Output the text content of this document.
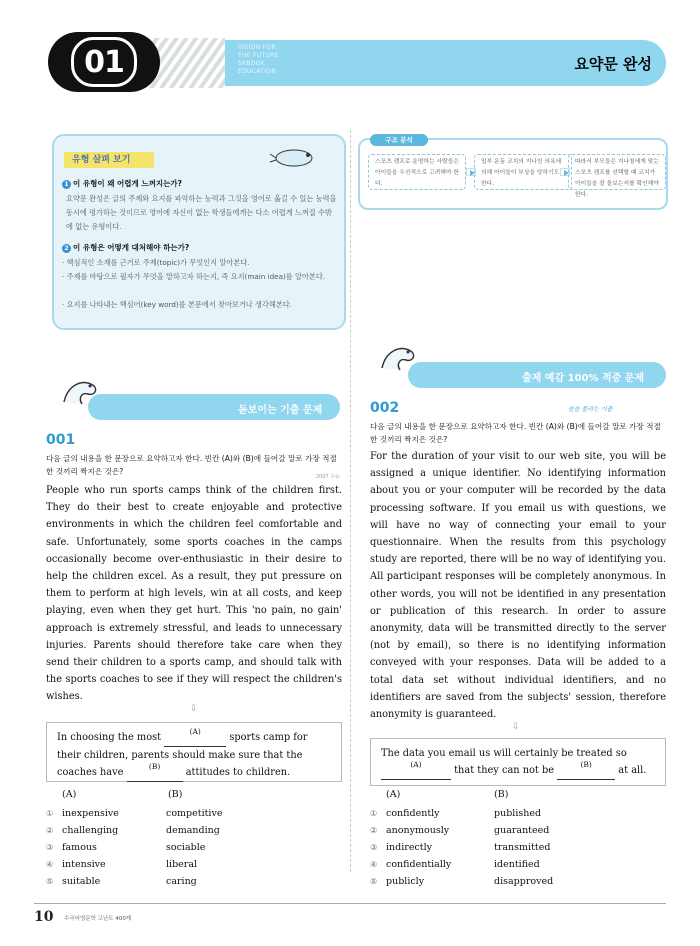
01	VISION FOR
THE FUTURE
SKBOOK
EDUCATION	요약문 완성
유형 살펴 보기
1 이 유형이 왜 어렵게 느껴지는가?
요약문 완성은 글의 주제와 요지를 파악하는 능력과 그것을 영어로 옮길 수 있는 능력을 동시에 평가하는 것이므로 영어에 자신이 없는 학생들에게는 다소 어렵게 느껴질 수밖에 없는 유형이다.
2 이 유형은 어떻게 대처해야 하는가?
· 핵심적인 소재를 근거로 주제(topic)가 무엇인지 알아본다.
· 주제를 바탕으로 필자가 무엇을 말하고자 하는지, 즉 요지(main idea)를 알아본다.
· 요지를 나타내는 핵심어(key word)를 본문에서 찾아보거나 생각해본다.
구조 분석
스포츠 캠프로 운영하는 사람들은 아이들을 우선적으로 고려해야 한다.
일부 운동 코치의 지나친 의욕에 의해 아이들이 부상을 당하기도 한다.
따라서 부모들은 지나침에게 맞는 스포츠 캠프를 선택할 때 코치가 아이들을 잘 돌보는지를 확인해야 한다.
돋보이는 기출 문제
001
다음 글의 내용을 한 문장으로 요약하고자 한다. 빈칸 (A)와 (B)에 들어갈 말로 가장 적절한 것끼리 짝지은 것은?
2007 수능
People who run sports camps think of the children first. They do their best to create enjoyable and protective environments in which the children feel comfortable and safe. Unfortunately, some sports coaches in the camps occasionally become over-enthusiastic in their desire to help the children excel. As a result, they put pressure on them to perform at high levels, win at all costs, and keep playing, even when they get hurt. This 'no pain, no gain' approach is extremely stressful, and leads to unnecessary injuries. Parents should therefore take care when they send their children to a sports camp, and should talk with the sports coaches to see if they will respect the children's wishes.
⇩
In choosing the most $^{(A)}$ sports camp for their children, parents should make sure that the coaches have $^{(B)}$ attitudes to children.
(A)	(B)
① inexpensive	competitive
② challenging	demanding
③ famous	sociable
④ intensive	liberal
⑤ suitable	caring
출제 예감 100% 적중 문제
002	술술 풀리는 기출
다음 글의 내용을 한 문장으로 요약하고자 한다. 빈칸 (A)와 (B)에 들어갈 말로 가장 적절한 것끼리 짝지은 것은?
For the duration of your visit to our web site, you will be assigned a unique identifier. No identifying information about you or your computer will be recorded by the data processing software. If you email us with questions, we will have no way of connecting your email to your questionnaire. When the results from this psychology study are reported, there will be no way of identifying you. All participant responses will be completely anonymous. In other words, you will not be identified in any presentation or publication of this research. In order to assure anonymity, data will be transmitted directly to the server (not by email), so there is no identifying information conveyed with your responses. Data will be added to a total data set without individual identifiers, and no identifiers are saved from the subjects' session, therefore anonymity is guaranteed.
⇩
The data you email us will certainly be treated so $^{(A)}$ that they can not be $^{(B)}$ at all.
(A)	(B)
① confidently	published
② anonymously	guaranteed
③ indirectly	transmitted
④ confidentially	identified
⑤ publicly	disapproved
10 수국어영문학 고난도 400제
